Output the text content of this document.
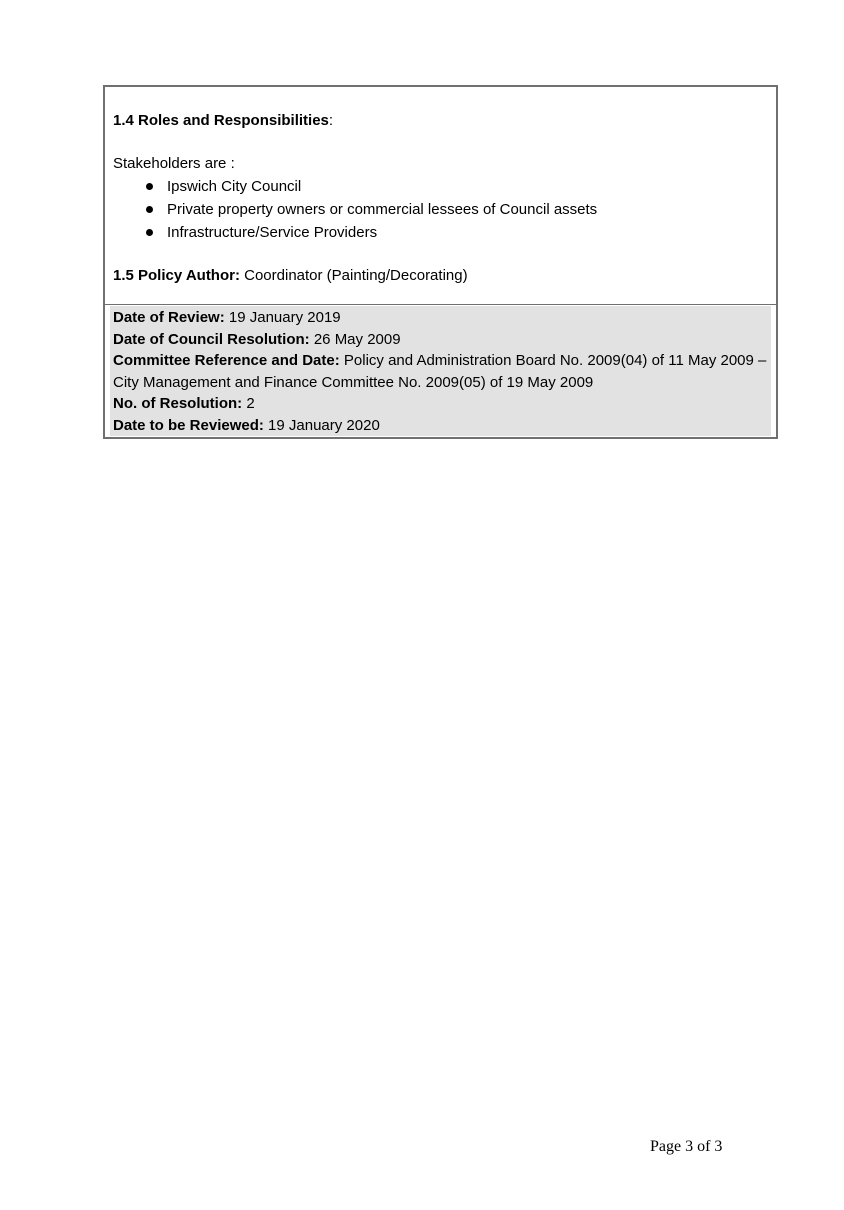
1.4 Roles and Responsibilities:

Stakeholders are :

Ipswich City Council
Private property owners or commercial lessees of Council assets
Infrastructure/Service Providers

1.5 Policy Author: Coordinator (Painting/Decorating)

Date of Review: 19 January 2019

Date of Council Resolution: 26 May 2009

Committee Reference and Date: Policy and Administration Board No. 2009(04) of 11 May 2009 – City Management and Finance Committee No. 2009(05) of 19 May 2009

No. of Resolution: 2

Date to be Reviewed: 19 January 2020

Page 3 of 3
